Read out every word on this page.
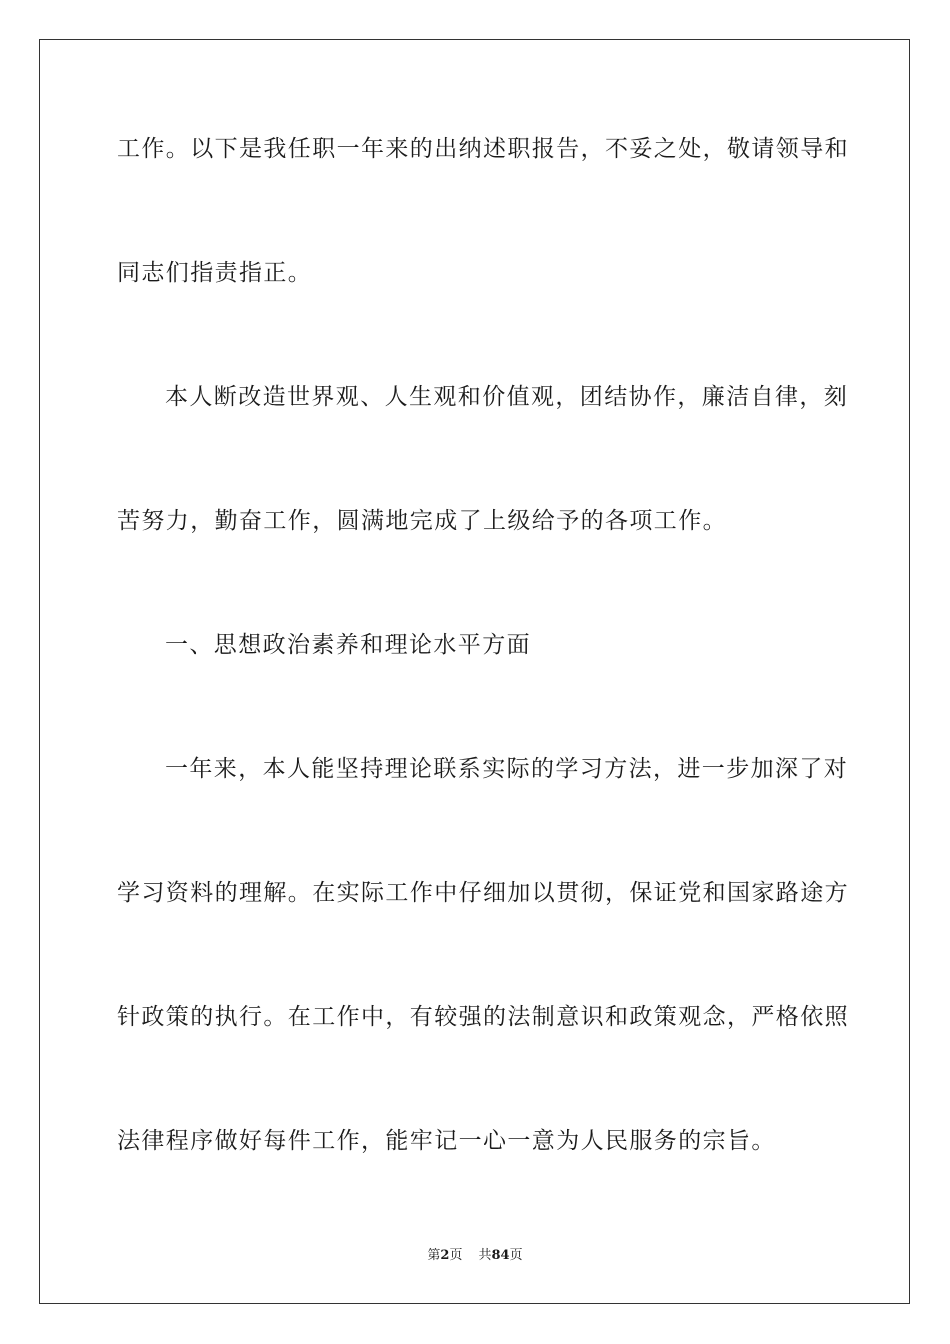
工作。以下是我任职一年来的出纳述职报告，不妥之处，敬请领导和
同志们指责指正。
本人断改造世界观、人生观和价值观，团结协作，廉洁自律，刻
苦努力，勤奋工作，圆满地完成了上级给予的各项工作。
一、思想政治素养和理论水平方面
一年来，本人能坚持理论联系实际的学习方法，进一步加深了对
学习资料的理解。在实际工作中仔细加以贯彻，保证党和国家路途方
针政策的执行。在工作中，有较强的法制意识和政策观念，严格依照
法律程序做好每件工作，能牢记一心一意为人民服务的宗旨。
第2页 共84页
